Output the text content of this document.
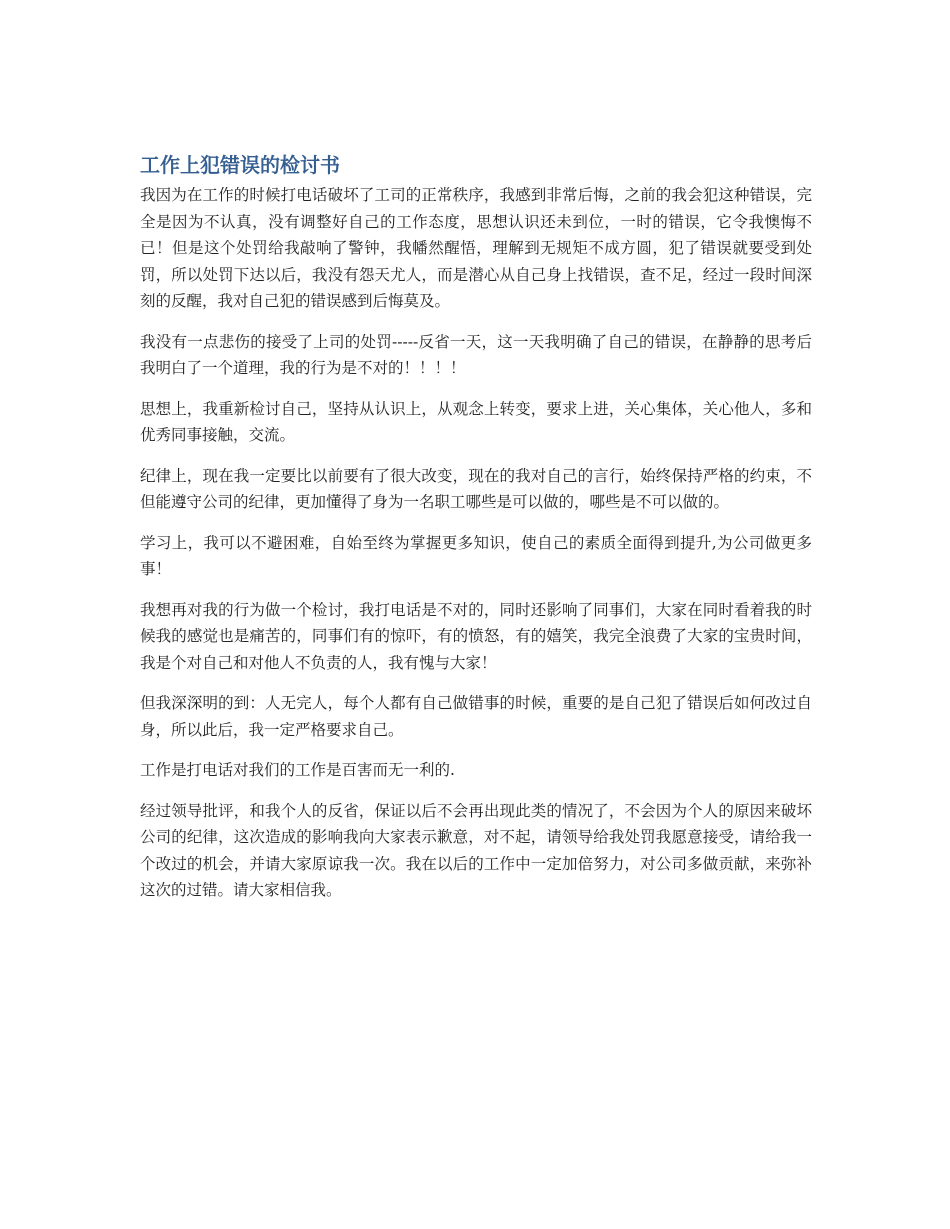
工作上犯错误的检讨书

我因为在工作的时候打电话破坏了工司的正常秩序，我感到非常后悔，之前的我会犯这种错误，完全是因为不认真，没有调整好自己的工作态度，思想认识还未到位，一时的错误，它令我懊悔不已！但是这个处罚给我敲响了警钟，我幡然醒悟，理解到无规矩不成方圆，犯了错误就要受到处罚，所以处罚下达以后，我没有怨天尤人，而是潜心从自己身上找错误，查不足，经过一段时间深刻的反醒，我对自己犯的错误感到后悔莫及。

我没有一点悲伤的接受了上司的处罚-----反省一天，这一天我明确了自己的错误，在静静的思考后我明白了一个道理，我的行为是不对的！！！！

思想上，我重新检讨自己，坚持从认识上，从观念上转变，要求上进，关心集体，关心他人，多和优秀同事接触，交流。

纪律上，现在我一定要比以前要有了很大改变，现在的我对自己的言行，始终保持严格的约束，不但能遵守公司的纪律，更加懂得了身为一名职工哪些是可以做的，哪些是不可以做的。

学习上，我可以不避困难，自始至终为掌握更多知识，使自己的素质全面得到提升,为公司做更多事！

我想再对我的行为做一个检讨，我打电话是不对的，同时还影响了同事们，大家在同时看着我的时候我的感觉也是痛苦的，同事们有的惊吓，有的愤怒，有的嬉笑，我完全浪费了大家的宝贵时间，我是个对自己和对他人不负责的人，我有愧与大家！

但我深深明的到：人无完人，每个人都有自己做错事的时候，重要的是自己犯了错误后如何改过自身，所以此后，我一定严格要求自己。

工作是打电话对我们的工作是百害而无一利的.

经过领导批评，和我个人的反省，保证以后不会再出现此类的情况了，不会因为个人的原因来破坏公司的纪律，这次造成的影响我向大家表示歉意，对不起，请领导给我处罚我愿意接受，请给我一个改过的机会，并请大家原谅我一次。我在以后的工作中一定加倍努力，对公司多做贡献，来弥补这次的过错。请大家相信我。
